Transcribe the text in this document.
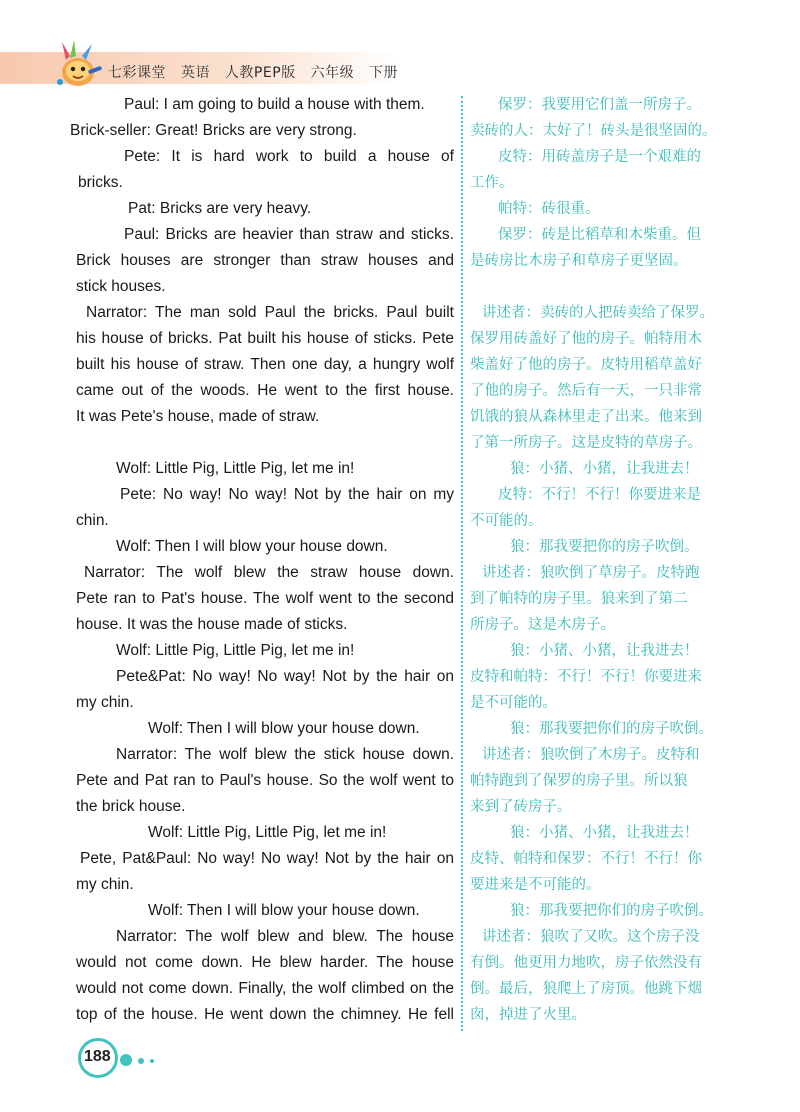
七彩课堂 英语 人教PEP版 六年级 下册
Paul: I am going to build a house with them.
Brick-seller: Great! Bricks are very strong.
Pete: It is hard work to build a house of
bricks.
Pat: Bricks are very heavy.
Paul: Bricks are heavier than straw and sticks.
Brick houses are stronger than straw houses and
stick houses.
Narrator: The man sold Paul the bricks. Paul built
his house of bricks. Pat built his house of sticks. Pete
built his house of straw. Then one day, a hungry wolf
came out of the woods. He went to the first house.
It was Pete's house, made of straw.
Wolf: Little Pig, Little Pig, let me in!
Pete: No way! No way! Not by the hair on my
chin.
Wolf: Then I will blow your house down.
Narrator: The wolf blew the straw house down.
Pete ran to Pat's house. The wolf went to the second
house. It was the house made of sticks.
Wolf: Little Pig, Little Pig, let me in!
Pete&Pat: No way! No way! Not by the hair on
my chin.
Wolf: Then I will blow your house down.
Narrator: The wolf blew the stick house down.
Pete and Pat ran to Paul's house. So the wolf went to
the brick house.
Wolf: Little Pig, Little Pig, let me in!
Pete, Pat&Paul: No way! No way! Not by the hair on
my chin.
Wolf: Then I will blow your house down.
Narrator: The wolf blew and blew. The house
would not come down. He blew harder. The house
would not come down. Finally, the wolf climbed on the
top of the house. He went down the chimney. He fell
保罗：我要用它们盖一所房子。
卖砖的人：太好了！砖头是很坚固的。
皮特：用砖盖房子是一个艰难的
工作。
帕特：砖很重。
保罗：砖是比稻草和木柴重。但
是砖房比木房子和草房子更坚固。
讲述者：卖砖的人把砖卖给了保罗。
保罗用砖盖好了他的房子。帕特用木
柴盖好了他的房子。皮特用稻草盖好
了他的房子。然后有一天，一只非常
饥饿的狼从森林里走了出来。他来到
了第一所房子。这是皮特的草房子。
狼：小猪、小猪，让我进去！
皮特：不行！不行！你要进来是
不可能的。
狼：那我要把你的房子吹倒。
讲述者：狼吹倒了草房子。皮特跑
到了帕特的房子里。狼来到了第二
所房子。这是木房子。
狼：小猪、小猪，让我进去！
皮特和帕特：不行！不行！你要进来
是不可能的。
狼：那我要把你们的房子吹倒。
讲述者：狼吹倒了木房子。皮特和
帕特跑到了保罗的房子里。所以狼
来到了砖房子。
狼：小猪、小猪，让我进去！
皮特、帕特和保罗：不行！不行！你
要进来是不可能的。
狼：那我要把你们的房子吹倒。
讲述者：狼吹了又吹。这个房子没
有倒。他更用力地吹，房子依然没有
倒。最后，狼爬上了房顶。他跳下烟
囱，掉进了火里。
188
